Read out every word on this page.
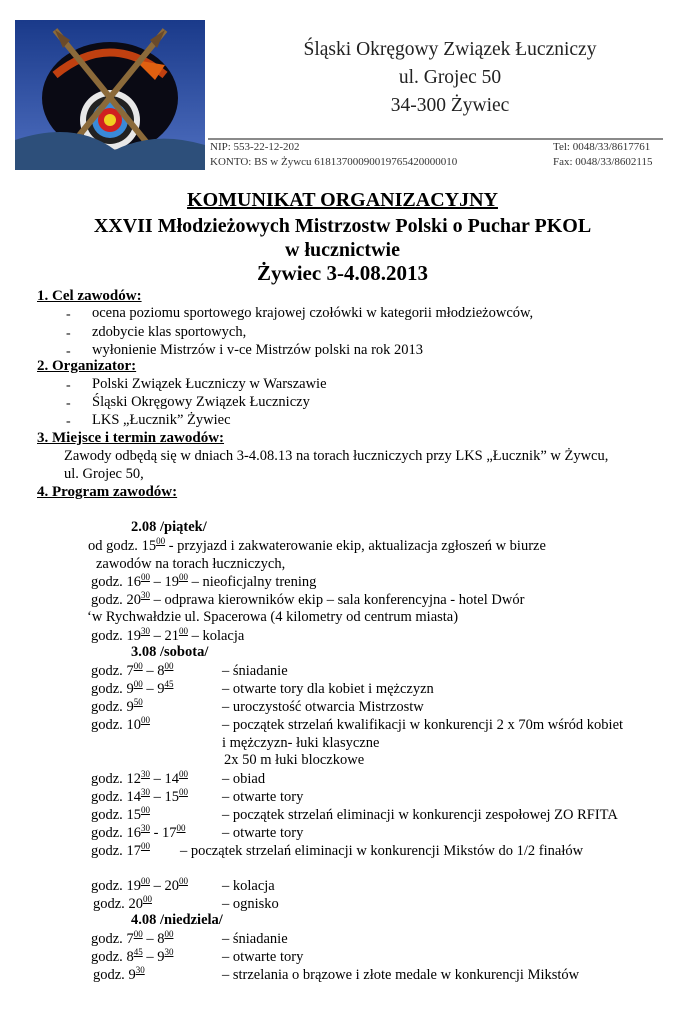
Śląski Okręgowy Związek Łuczniczy
ul. Grojec 50
34-300 Żywiec
NIP: 553-22-12-202
KONTO: BS w Żywcu 61813700090019765420000010
Tel: 0048/33/8617761
Fax: 0048/33/8602115
KOMUNIKAT ORGANIZACYJNY
XXVII Młodzieżowych Mistrzostw Polski o Puchar PKOL
w łucznictwie
Żywiec 3-4.08.2013
1. Cel zawodów:
- ocena poziomu sportowego krajowej czołówki w kategorii młodzieżowców,
- zdobycie klas sportowych,
- wyłonienie Mistrzów i v-ce Mistrzów polski na rok 2013
2. Organizator:
- Polski Związek Łuczniczy w Warszawie
- Śląski Okręgowy Związek Łuczniczy
- LKS „Łucznik” Żywiec
3. Miejsce i termin zawodów:
Zawody odbędą się w dniach 3-4.08.13 na torach łuczniczych przy LKS „Łucznik” w Żywcu,
ul. Grojec 50,
4. Program zawodów:
2.08 /piątek/
od godz. $15^{00}$ - przyjazd i zakwaterowanie ekip, aktualizacja zgłoszeń w biurze
zawodów na torach łuczniczych,
godz. $16^{00} - 19^{00}$ – nieoficjalny trening
godz. $20^{30}$ – odprawa kierowników ekip – sala konferencyjna - hotel Dwór
‘w Rychwałdzie ul. Spacerowa (4 kilometry od centrum miasta)
godz. $19^{30} - 21^{00}$ – kolacja
3.08 /sobota/
godz. $7^{00} - 8^{00}$	– śniadanie
godz. $9^{00} - 9^{45}$	– otwarte tory dla kobiet i mężczyzn
godz. $9^{50}$	– uroczystość otwarcia Mistrzostw
godz. $10^{00}$	– początek strzelań kwalifikacji w konkurencji 2 x 70m wśród kobiet
i mężczyzn- łuki klasyczne
2x 50 m łuki bloczkowe
godz. $12^{30} - 14^{00}$ – obiad
godz. $14^{30} - 15^{00}$ – otwarte tory
godz. $15^{00}$	– początek strzelań eliminacji w konkurencji zespołowej ZO RFITA
godz. $16^{30} - 17^{00}$	– otwarte tory
godz. $17^{00}$ – początek strzelań eliminacji w konkurencji Mikstów do 1/2 finałów
godz. $19^{00} - 20^{00}$ – kolacja
godz. $20^{00}$	– ognisko
4.08 /niedziela/
godz. $7^{00} - 8^{00}$	– śniadanie
godz. $8^{45} - 9^{30}$	– otwarte tory
godz. $9^{30}$	– strzelania o brązowe i złote medale w konkurencji Mikstów
